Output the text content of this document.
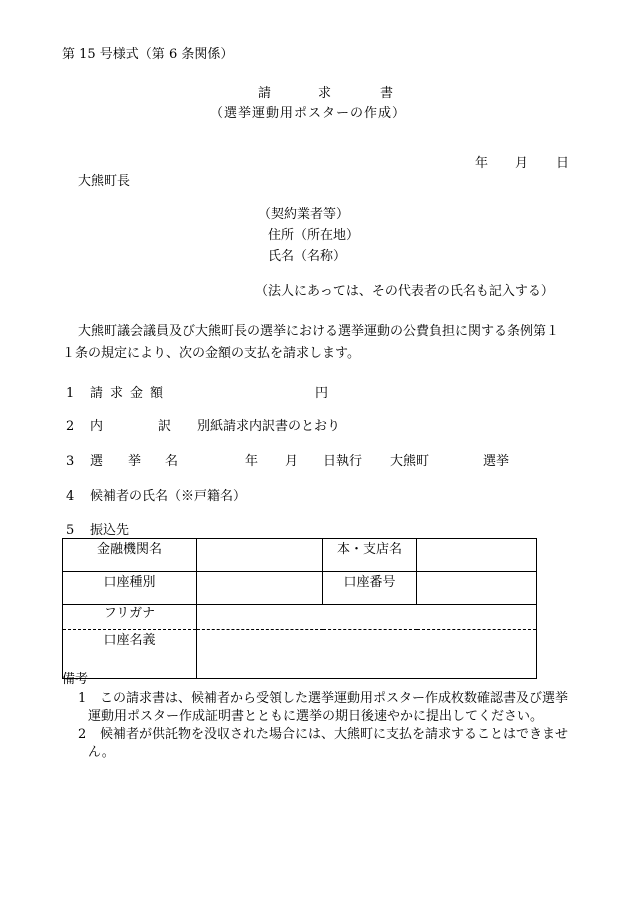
第 15 号様式（第 6 条関係）
請	求	書
（選挙運動用ポスターの作成）
年 月 日
大熊町長
（契約業者等）
住所（所在地）
氏名（名称）
（法人にあっては、その代表者の氏名も記入する）
大熊町議会議員及び大熊町長の選挙における選挙運動の公費負担に関する条例第１
１条の規定により、次の金額の支払を請求します。
1 請 求 金 額	円
2 内	訳 別紙請求内訳書のとおり
3 選 挙 名	年 月 日執行 大熊町	選挙
4 候補者の氏名（※戸籍名）
5 振込先
金融機関名		本・支店名	
口座種別		口座番号	
フリガナ			
口座名義			
備考
1	この請求書は、候補者から受領した選挙運動用ポスター作成枚数確認書及び選挙運動用ポスター作成証明書とともに選挙の期日後速やかに提出してください。
2	候補者が供託物を没収された場合には、大熊町に支払を請求することはできません。
